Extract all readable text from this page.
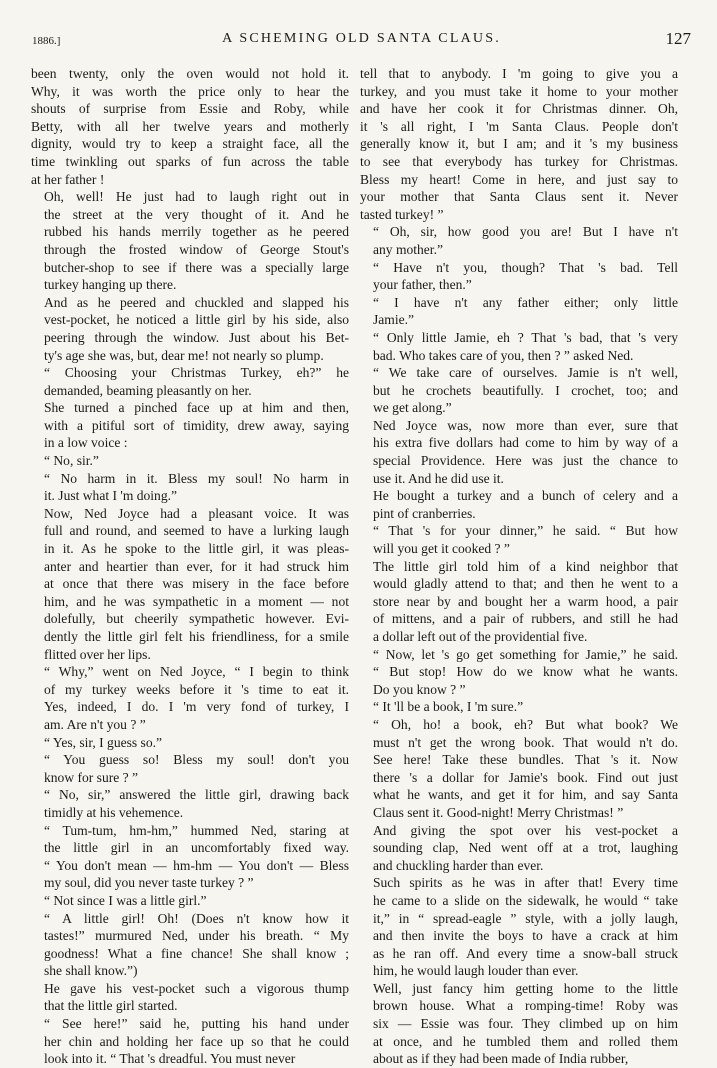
1886.]	A SCHEMING OLD SANTA CLAUS.	127

been twenty, only the oven would not hold it.
Why, it was worth the price only to hear the
shouts of surprise from Essie and Roby, while
Betty, with all her twelve years and motherly
dignity, would try to keep a straight face, all the
time twinkling out sparks of fun across the table
at her father !

Oh, well! He just had to laugh right out in
the street at the very thought of it. And he
rubbed his hands merrily together as he peered
through the frosted window of George Stout's
butcher-shop to see if there was a specially large
turkey hanging up there.

And as he peered and chuckled and slapped his
vest-pocket, he noticed a little girl by his side, also
peering through the window. Just about his Bet-
ty's age she was, but, dear me! not nearly so plump.

“ Choosing your Christmas Turkey, eh?” he
demanded, beaming pleasantly on her.

She turned a pinched face up at him and then,
with a pitiful sort of timidity, drew away, saying
in a low voice :

“ No, sir.”

“ No harm in it. Bless my soul! No harm in
it. Just what I 'm doing.”

Now, Ned Joyce had a pleasant voice. It was
full and round, and seemed to have a lurking laugh
in it. As he spoke to the little girl, it was pleas-
anter and heartier than ever, for it had struck him
at once that there was misery in the face before
him, and he was sympathetic in a moment — not
dolefully, but cheerily sympathetic however. Evi-
dently the little girl felt his friendliness, for a smile
flitted over her lips.

“ Why,” went on Ned Joyce, “ I begin to think
of my turkey weeks before it 's time to eat it.
Yes, indeed, I do. I 'm very fond of turkey, I
am. Are n't you ? ”

“ Yes, sir, I guess so.”

“ You guess so! Bless my soul! don't you
know for sure ? ”

“ No, sir,” answered the little girl, drawing back
timidly at his vehemence.

“ Tum-tum, hm-hm,” hummed Ned, staring at
the little girl in an uncomfortably fixed way.
“ You don't mean — hm-hm — You don't — Bless
my soul, did you never taste turkey ? ”

“ Not since I was a little girl.”

“ A little girl! Oh! (Does n't know how it
tastes!” murmured Ned, under his breath. “ My
goodness! What a fine chance! She shall know ;
she shall know.”)

He gave his vest-pocket such a vigorous thump
that the little girl started.

“ See here!” said he, putting his hand under
her chin and holding her face up so that he could
look into it. “ That 's dreadful. You must never

tell that to anybody. I 'm going to give you a
turkey, and you must take it home to your mother
and have her cook it for Christmas dinner. Oh,
it 's all right, I 'm Santa Claus. People don't
generally know it, but I am; and it 's my business
to see that everybody has turkey for Christmas.
Bless my heart! Come in here, and just say to
your mother that Santa Claus sent it. Never
tasted turkey! ”

“ Oh, sir, how good you are! But I have n't
any mother.”

“ Have n't you, though? That 's bad. Tell
your father, then.”

“ I have n't any father either; only little
Jamie.”

“ Only little Jamie, eh ? That 's bad, that 's very
bad. Who takes care of you, then ? ” asked Ned.

“ We take care of ourselves. Jamie is n't well,
but he crochets beautifully. I crochet, too; and
we get along.”

Ned Joyce was, now more than ever, sure that
his extra five dollars had come to him by way of a
special Providence. Here was just the chance to
use it. And he did use it.

He bought a turkey and a bunch of celery and a
pint of cranberries.

“ That 's for your dinner,” he said. “ But how
will you get it cooked ? ”

The little girl told him of a kind neighbor that
would gladly attend to that; and then he went to a
store near by and bought her a warm hood, a pair
of mittens, and a pair of rubbers, and still he had
a dollar left out of the providential five.

“ Now, let 's go get something for Jamie,” he said.
“ But stop! How do we know what he wants.
Do you know ? ”

“ It 'll be a book, I 'm sure.”

“ Oh, ho! a book, eh? But what book? We
must n't get the wrong book. That would n't do.
See here! Take these bundles. That 's it. Now
there 's a dollar for Jamie's book. Find out just
what he wants, and get it for him, and say Santa
Claus sent it. Good-night! Merry Christmas! ”

And giving the spot over his vest-pocket a
sounding clap, Ned went off at a trot, laughing
and chuckling harder than ever.

Such spirits as he was in after that! Every time
he came to a slide on the sidewalk, he would “ take
it,” in “ spread-eagle ” style, with a jolly laugh,
and then invite the boys to have a crack at him
as he ran off. And every time a snow-ball struck
him, he would laugh louder than ever.

Well, just fancy him getting home to the little
brown house. What a romping-time! Roby was
six — Essie was four. They climbed up on him
at once, and he tumbled them and rolled them
about as if they had been made of India rubber,
